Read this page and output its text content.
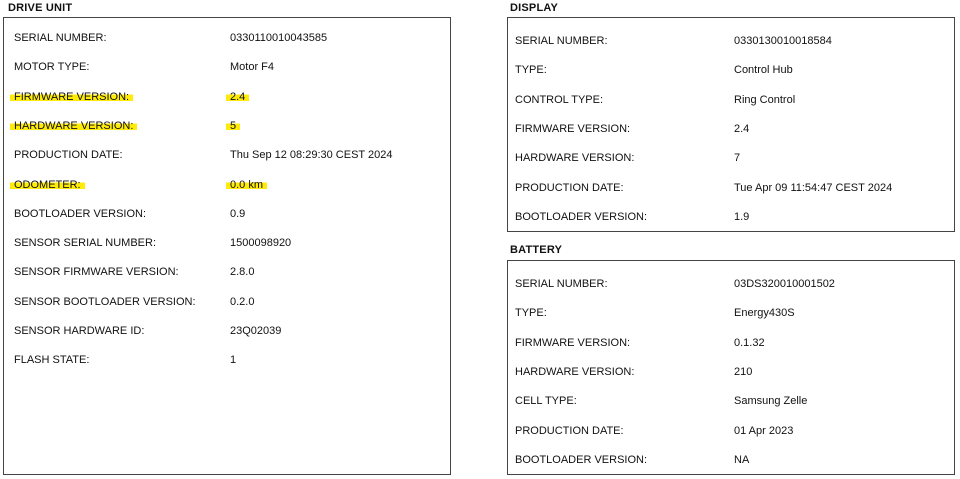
DRIVE UNIT
SERIAL NUMBER:	0330110010043585
MOTOR TYPE:	Motor F4
FIRMWARE VERSION:	2.4
HARDWARE VERSION:	5
PRODUCTION DATE:	Thu Sep 12 08:29:30 CEST 2024
ODOMETER:	0.0 km
BOOTLOADER VERSION:	0.9
SENSOR SERIAL NUMBER:	1500098920
SENSOR FIRMWARE VERSION:	2.8.0
SENSOR BOOTLOADER VERSION:	0.2.0
SENSOR HARDWARE ID:	23Q02039
FLASH STATE:	1
DISPLAY
SERIAL NUMBER:	0330130010018584
TYPE:	Control Hub
CONTROL TYPE:	Ring Control
FIRMWARE VERSION:	2.4
HARDWARE VERSION:	7
PRODUCTION DATE:	Tue Apr 09 11:54:47 CEST 2024
BOOTLOADER VERSION:	1.9
BATTERY
SERIAL NUMBER:	03DS320010001502
TYPE:	Energy430S
FIRMWARE VERSION:	0.1.32
HARDWARE VERSION:	210
CELL TYPE:	Samsung Zelle
PRODUCTION DATE:	01 Apr 2023
BOOTLOADER VERSION:	NA
